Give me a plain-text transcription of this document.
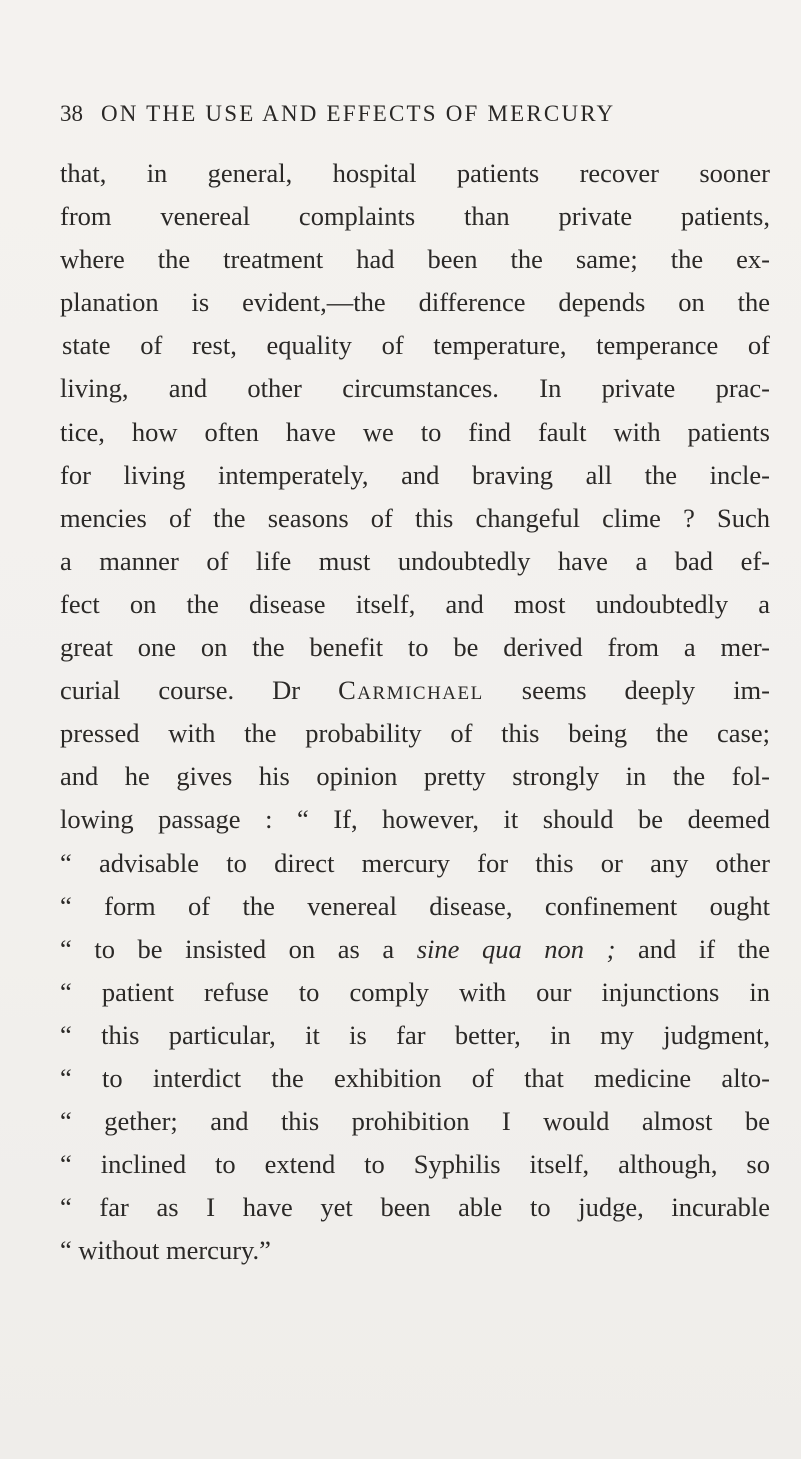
38 ON THE USE AND EFFECTS OF MERCURY
that, in general, hospital patients recover sooner
from venereal complaints than private patients,
where the treatment had been the same; the ex-
planation is evident,—the difference depends on the
state of rest, equality of temperature, temperance of
living, and other circumstances. In private prac-
tice, how often have we to find fault with patients
for living intemperately, and braving all the incle-
mencies of the seasons of this changeful clime ? Such
a manner of life must undoubtedly have a bad ef-
fect on the disease itself, and most undoubtedly a
great one on the benefit to be derived from a mer-
curial course. Dr Carmichael seems deeply im-
pressed with the probability of this being the case;
and he gives his opinion pretty strongly in the fol-
lowing passage : “ If, however, it should be deemed
“ advisable to direct mercury for this or any other
“ form of the venereal disease, confinement ought
“ to be insisted on as a sine qua non ; and if the
“ patient refuse to comply with our injunctions in
“ this particular, it is far better, in my judgment,
“ to interdict the exhibition of that medicine alto-
“ gether; and this prohibition I would almost be
“ inclined to extend to Syphilis itself, although, so
“ far as I have yet been able to judge, incurable
“ without mercury.”
